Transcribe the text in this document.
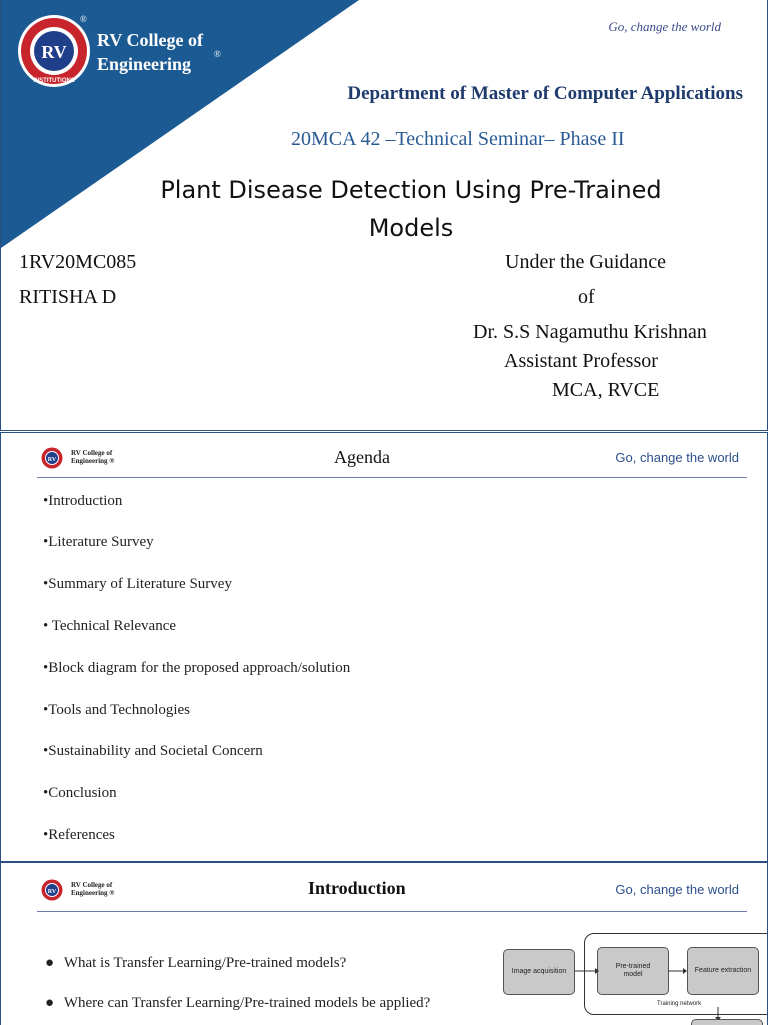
RV
INSTITUTIONS
RV College of
Engineering
®
®
Go, change the world
Department of Master of Computer Applications
20MCA 42 –Technical Seminar– Phase II
Plant Disease Detection Using Pre-Trained
Models
1RV20MC085
RITISHA D
Under the Guidance
of
Dr. S.S Nagamuthu Krishnan
Assistant Professor
MCA, RVCE
RV
RV College of
Engineering ®	Agenda	Go, change the world
•Introduction
•Literature Survey
•Summary of Literature Survey
• Technical Relevance
•Block diagram for the proposed approach/solution
•Tools and Technologies
•Sustainability and Societal Concern
•Conclusion
•References
RV
RV College of
Engineering ®	Introduction	Go, change the world
● What is Transfer Learning/Pre-trained models?
● Where can Transfer Learning/Pre-trained models be applied?
Image acquisition
Pre-trained
model
Feature extraction
Training network
